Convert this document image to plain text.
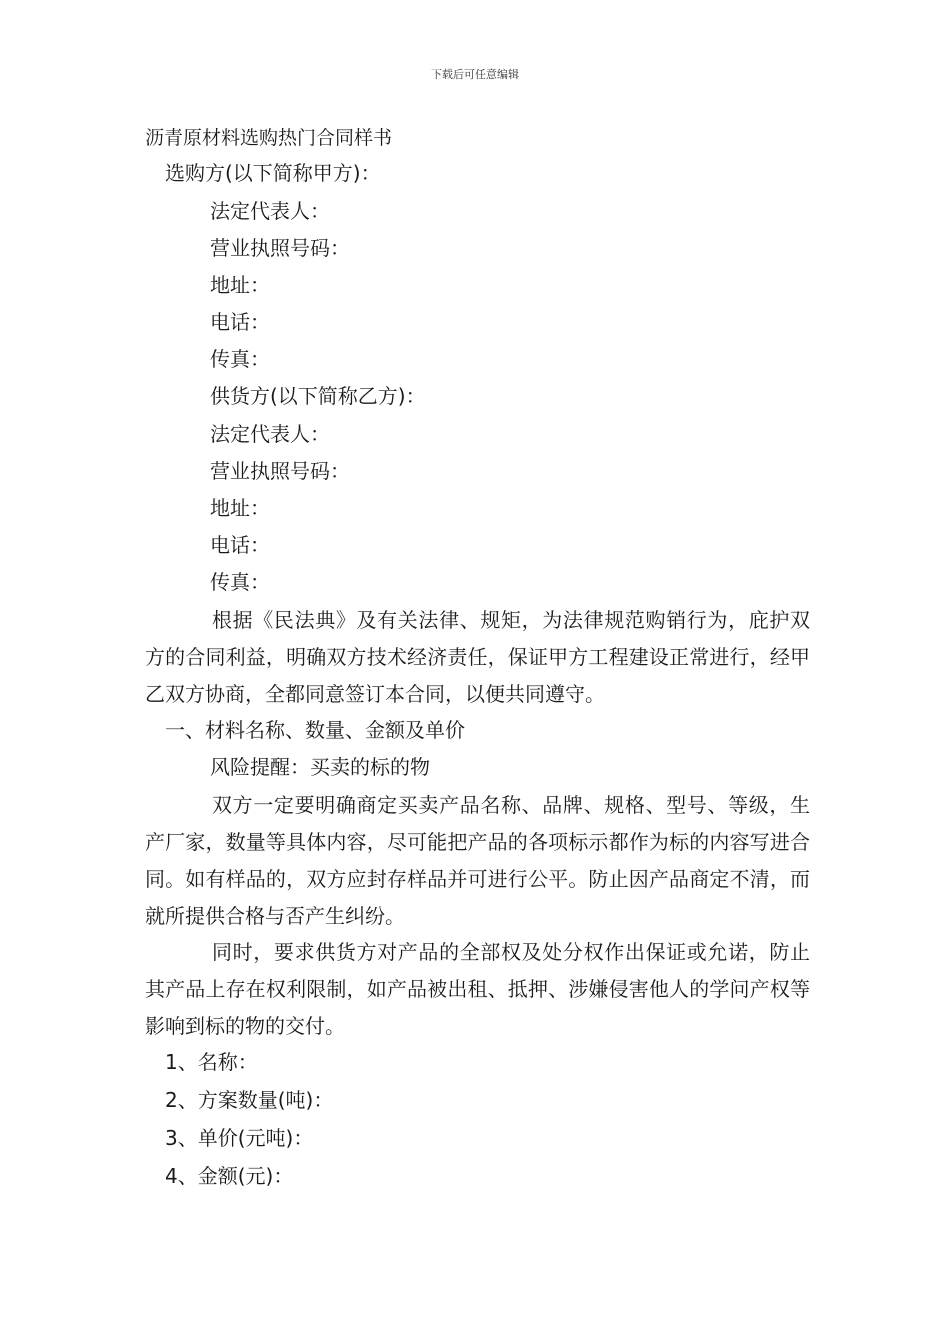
下载后可任意编辑
沥青原材料选购热门合同样书
选购方(以下简称甲方)：
法定代表人：
营业执照号码：
地址：
电话：
传真：
供货方(以下简称乙方)：
法定代表人：
营业执照号码：
地址：
电话：
传真：
根据《民法典》及有关法律、规矩，为法律规范购销行为，庇护双方的合同利益，明确双方技术经济责任，保证甲方工程建设正常进行，经甲乙双方协商，全都同意签订本合同，以便共同遵守。
一、材料名称、数量、金额及单价
风险提醒：买卖的标的物
双方一定要明确商定买卖产品名称、品牌、规格、型号、等级，生产厂家，数量等具体内容，尽可能把产品的各项标示都作为标的内容写进合同。如有样品的，双方应封存样品并可进行公平。防止因产品商定不清，而就所提供合格与否产生纠纷。
同时，要求供货方对产品的全部权及处分权作出保证或允诺，防止其产品上存在权利限制，如产品被出租、抵押、涉嫌侵害他人的学问产权等影响到标的物的交付。
1、名称：
2、方案数量(吨)：
3、单价(元吨)：
4、金额(元)：
